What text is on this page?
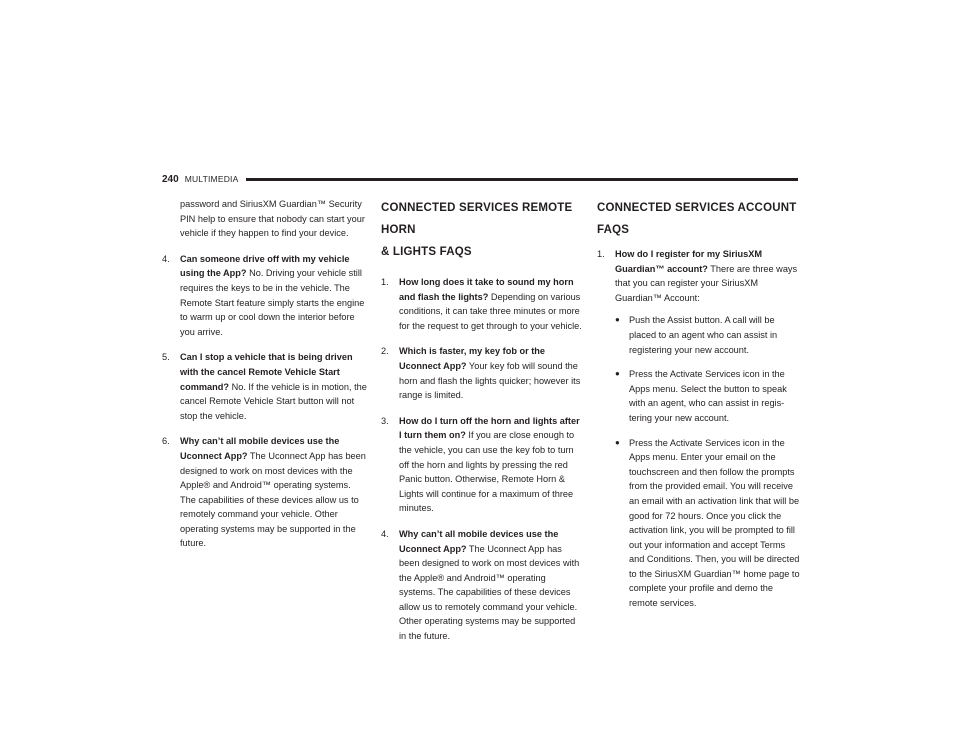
240 MULTIMEDIA

password and SiriusXM Guardian™ Security PIN help to ensure that nobody can start your vehicle if they happen to find your device.

4.	Can someone drive off with my vehicle using the App? No. Driving your vehicle still requires the keys to be in the vehicle. The Remote Start feature simply starts the engine to warm up or cool down the interior before you arrive.
5.	Can I stop a vehicle that is being driven with the cancel Remote Vehicle Start command? No. If the vehicle is in motion, the cancel Remote Vehicle Start button will not stop the vehicle.
6.	Why can’t all mobile devices use the Uconnect App? The Uconnect App has been designed to work on most devices with the Apple® and Android™ operating systems. The capabilities of these devices allow us to remotely command your vehicle. Other operating systems may be supported in the future.
CONNECTED SERVICES REMOTE HORN
& LIGHTS FAQS
1.	How long does it take to sound my horn and flash the lights? Depending on various conditions, it can take three minutes or more for the request to get through to your vehicle.
2.	Which is faster, my key fob or the Uconnect App? Your key fob will sound the horn and flash the lights quicker; however its range is limited.
3.	How do I turn off the horn and lights after I turn them on? If you are close enough to the vehicle, you can use the key fob to turn off the horn and lights by pressing the red Panic button. Otherwise, Remote Horn & Lights will continue for a maximum of three minutes.
4.	Why can’t all mobile devices use the Uconnect App? The Uconnect App has been designed to work on most devices with the Apple® and Android™ operating systems. The capabilities of these devices allow us to remotely command your vehicle. Other operating systems may be supported in the future.
CONNECTED SERVICES ACCOUNT FAQS
1.	How do I register for my SiriusXM Guardian™ account? There are three ways that you can register your SiriusXM Guardian™ Account:
● Push the Assist button. A call will be placed to an agent who can assist in registering your new account.
● Press the Activate Services icon in the Apps menu. Select the button to speak with an agent, who can assist in regis-tering your new account.
● Press the Activate Services icon in the Apps menu. Enter your email on the touchscreen and then follow the prompts from the provided email. You will receive an email with an activation link that will be good for 72 hours. Once you click the activation link, you will be prompted to fill out your information and accept Terms and Conditions. Then, you will be directed to the SiriusXM Guardian™ home page to complete your profile and demo the remote services.
